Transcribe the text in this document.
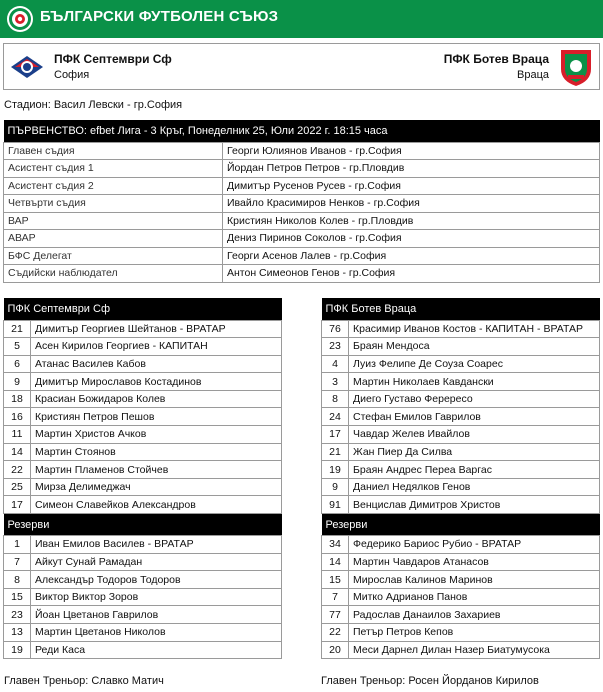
БЪЛГАРСКИ ФУТБОЛЕН СЪЮЗ
ПФК Септември Сф
София
ПФК Ботев Враца
Враца
Стадион: Васил Левски - гр.София
ПЪРВЕНСТВО: efbet Лига - 3 Кръг, Понеделник 25, Юли 2022 г. 18:15 часа	
Главен съдия	Георги Юлиянов Иванов - гр.София
Асистент съдия 1	Йордан Петров Петров - гр.Пловдив
Асистент съдия 2	Димитър Русенов Русев - гр.София
Четвърти съдия	Ивайло Красимиров Ненков - гр.София
ВАР	Кристиян Николов Колев - гр.Пловдив
АВАР	Дениз Пиринов Соколов - гр.София
БФС Делегат	Георги Асенов Лалев - гр.София
Съдийски наблюдател	Антон Симеонов Генов - гр.София
ПФК Септември Сф	
21	Димитър Георгиев Шейтанов - ВРАТАР
5	Асен Кирилов Георгиев - КАПИТАН
6	Атанас Василев Кабов
9	Димитър Мирославов Костадинов
18	Красиан Божидаров Колев
16	Кристиян Петров Пешов
11	Мартин Христов Ачков
14	Мартин Стоянов
22	Мартин Пламенов Стойчев
25	Мирза Делимеджач
17	Симеон Славейков Александров
Резерви	
1	Иван Емилов Василев - ВРАТАР
7	Айкут Сунай Рамадан
8	Александър Тодоров Тодоров
15	Виктор Виктор Зоров
23	Йоан Цветанов Гаврилов
13	Мартин Цветанов Николов
19	Реди Каса
ПФК Ботев Враца	
76	Красимир Иванов Костов - КАПИТАН - ВРАТАР
23	Браян Мендоса
4	Луиз Фелипе Де Соуза Соарес
3	Мартин Николаев Кавдански
8	Диего Густаво Ферересо
24	Стефан Емилов Гаврилов
17	Чавдар Желев Ивайлов
21	Жан Пиер Да Силва
19	Браян Андрес Переа Варгас
9	Даниел Недялков Генов
91	Венцислав Димитров Христов
Резерви	
34	Федерико Бариос Рубио - ВРАТАР
14	Мартин Чавдаров Атанасов
15	Мирослав Калинов Маринов
7	Митко Адрианов Панов
77	Радослав Данаилов Захариев
22	Петър Петров Кепов
20	Меси Дарнел Дилан Назер Биатумусока
Главен Треньор: Славко Матич	Главен Треньор: Росен Йорданов Кирилов
